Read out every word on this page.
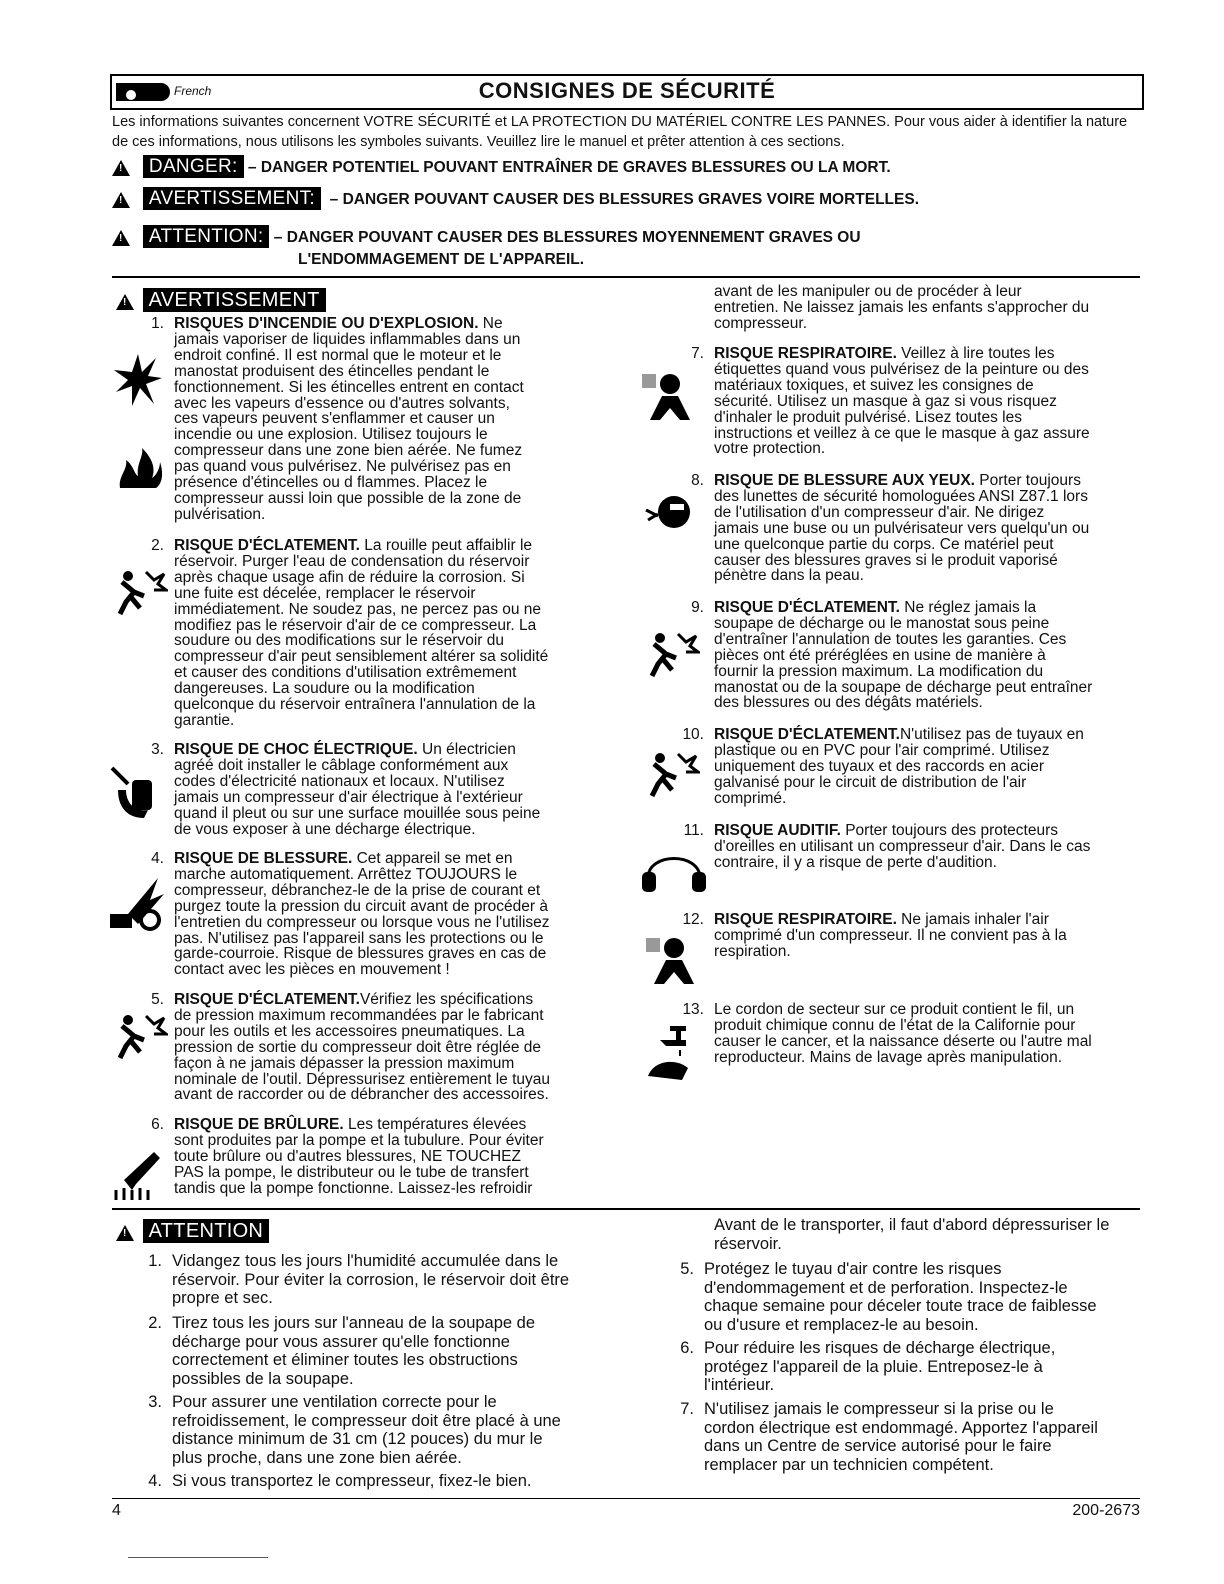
French	CONSIGNES DE SÉCURITÉ
Les informations suivantes concernent VOTRE SÉCURITÉ et LA PROTECTION DU MATÉRIEL CONTRE LES PANNES. Pour vous aider à identifier la nature de ces informations, nous utilisons les symboles suivants. Veuillez lire le manuel et prêter attention à ces sections.
!   DANGER: – DANGER POTENTIEL POUVANT ENTRAÎNER DE GRAVES BLESSURES OU LA MORT.
!   AVERTISSEMENT: – DANGER POUVANT CAUSER DES BLESSURES GRAVES VOIRE MORTELLES.
!   ATTENTION: – DANGER POUVANT CAUSER DES BLESSURES MOYENNEMENT GRAVES OU
L'ENDOMMAGEMENT DE L'APPAREIL.
!  AVERTISSEMENT
1. RISQUES D'INCENDIE OU D'EXPLOSION. Ne
jamais vaporiser de liquides inflammables dans un
endroit confiné. Il est normal que le moteur et le
manostat produisent des étincelles pendant le
fonctionnement. Si les étincelles entrent en contact
avec les vapeurs d'essence ou d'autres solvants,
ces vapeurs peuvent s'enflammer et causer un
incendie ou une explosion. Utilisez toujours le
compresseur dans une zone bien aérée. Ne fumez
pas quand vous pulvérisez. Ne pulvérisez pas en
présence d'étincelles ou d flammes. Placez le
compresseur aussi loin que possible de la zone de
pulvérisation.
2. RISQUE D'ÉCLATEMENT. La rouille peut affaiblir le
réservoir. Purger l'eau de condensation du réservoir
après chaque usage afin de réduire la corrosion. Si
une fuite est décelée, remplacer le réservoir
immédiatement. Ne soudez pas, ne percez pas ou ne
modifiez pas le réservoir d'air de ce compresseur. La
soudure ou des modifications sur le réservoir du
compresseur d'air peut sensiblement altérer sa solidité
et causer des conditions d'utilisation extrêmement
dangereuses. La soudure ou la modification
quelconque du réservoir entraînera l'annulation de la
garantie.
3. RISQUE DE CHOC ÉLECTRIQUE. Un électricien
agréé doit installer le câblage conformément aux
codes d'électricité nationaux et locaux. N'utilisez
jamais un compresseur d'air électrique à l'extérieur
quand il pleut ou sur une surface mouillée sous peine
de vous exposer à une décharge électrique.
4. RISQUE DE BLESSURE. Cet appareil se met en
marche automatiquement. Arrêttez TOUJOURS le
compresseur, débranchez-le de la prise de courant et
purgez toute la pression du circuit avant de procéder à
l'entretien du compresseur ou lorsque vous ne l'utilisez
pas. N'utilisez pas l'appareil sans les protections ou le
garde-courroie. Risque de blessures graves en cas de
contact avec les pièces en mouvement !
5. RISQUE D'ÉCLATEMENT.Vérifiez les spécifications
de pression maximum recommandées par le fabricant
pour les outils et les accessoires pneumatiques. La
pression de sortie du compresseur doit être réglée de
façon à ne jamais dépasser la pression maximum
nominale de l'outil. Dépressurisez entièrement le tuyau
avant de raccorder ou de débrancher des accessoires.
6. RISQUE DE BRÛLURE. Les températures élevées
sont produites par la pompe et la tubulure. Pour éviter
toute brûlure ou d'autres blessures, NE TOUCHEZ
PAS la pompe, le distributeur ou le tube de transfert
tandis que la pompe fonctionne. Laissez-les refroidir
avant de les manipuler ou de procéder à leur
entretien. Ne laissez jamais les enfants s'approcher du
compresseur.
7. RISQUE RESPIRATOIRE. Veillez à lire toutes les
étiquettes quand vous pulvérisez de la peinture ou des
matériaux toxiques, et suivez les consignes de
sécurité. Utilisez un masque à gaz si vous risquez
d'inhaler le produit pulvérisé. Lisez toutes les
instructions et veillez à ce que le masque à gaz assure
votre protection.
8. RISQUE DE BLESSURE AUX YEUX. Porter toujours
des lunettes de sécurité homologuées ANSI Z87.1 lors
de l'utilisation d'un compresseur d'air. Ne dirigez
jamais une buse ou un pulvérisateur vers quelqu'un ou
une quelconque partie du corps. Ce matériel peut
causer des blessures graves si le produit vaporisé
pénètre dans la peau.
9. RISQUE D'ÉCLATEMENT. Ne réglez jamais la
soupape de décharge ou le manostat sous peine
d'entraîner l'annulation de toutes les garanties. Ces
pièces ont été préréglées en usine de manière à
fournir la pression maximum. La modification du
manostat ou de la soupape de décharge peut entraîner
des blessures ou des dégâts matériels.
10. RISQUE D'ÉCLATEMENT.N'utilisez pas de tuyaux en
plastique ou en PVC pour l'air comprimé. Utilisez
uniquement des tuyaux et des raccords en acier
galvanisé pour le circuit de distribution de l'air
comprimé.
11. RISQUE AUDITIF. Porter toujours des protecteurs
d'oreilles en utilisant un compresseur d'air. Dans le cas
contraire, il y a risque de perte d'audition.
12. RISQUE RESPIRATOIRE. Ne jamais inhaler l'air
comprimé d'un compresseur. Il ne convient pas à la
respiration.
13. Le cordon de secteur sur ce produit contient le fil, un
produit chimique connu de l'état de la Californie pour
causer le cancer, et la naissance déserte ou l'autre mal
reproducteur. Mains de lavage après manipulation.
!  ATTENTION
1. Vidangez tous les jours l'humidité accumulée dans le
réservoir. Pour éviter la corrosion, le réservoir doit être
propre et sec.
2. Tirez tous les jours sur l'anneau de la soupape de
décharge pour vous assurer qu'elle fonctionne
correctement et éliminer toutes les obstructions
possibles de la soupape.
3. Pour assurer une ventilation correcte pour le
refroidissement, le compresseur doit être placé à une
distance minimum de 31 cm (12 pouces) du mur le
plus proche, dans une zone bien aérée.
4. Si vous transportez le compresseur, fixez-le bien.
Avant de le transporter, il faut d'abord dépressuriser le
réservoir.
5. Protégez le tuyau d'air contre les risques
d'endommagement et de perforation. Inspectez-le
chaque semaine pour déceler toute trace de faiblesse
ou d'usure et remplacez-le au besoin.
6. Pour réduire les risques de décharge électrique,
protégez l'appareil de la pluie. Entreposez-le à
l'intérieur.
7. N'utilisez jamais le compresseur si la prise ou le
cordon électrique est endommagé. Apportez l'appareil
dans un Centre de service autorisé pour le faire
remplacer par un technicien compétent.
4	200-2673
